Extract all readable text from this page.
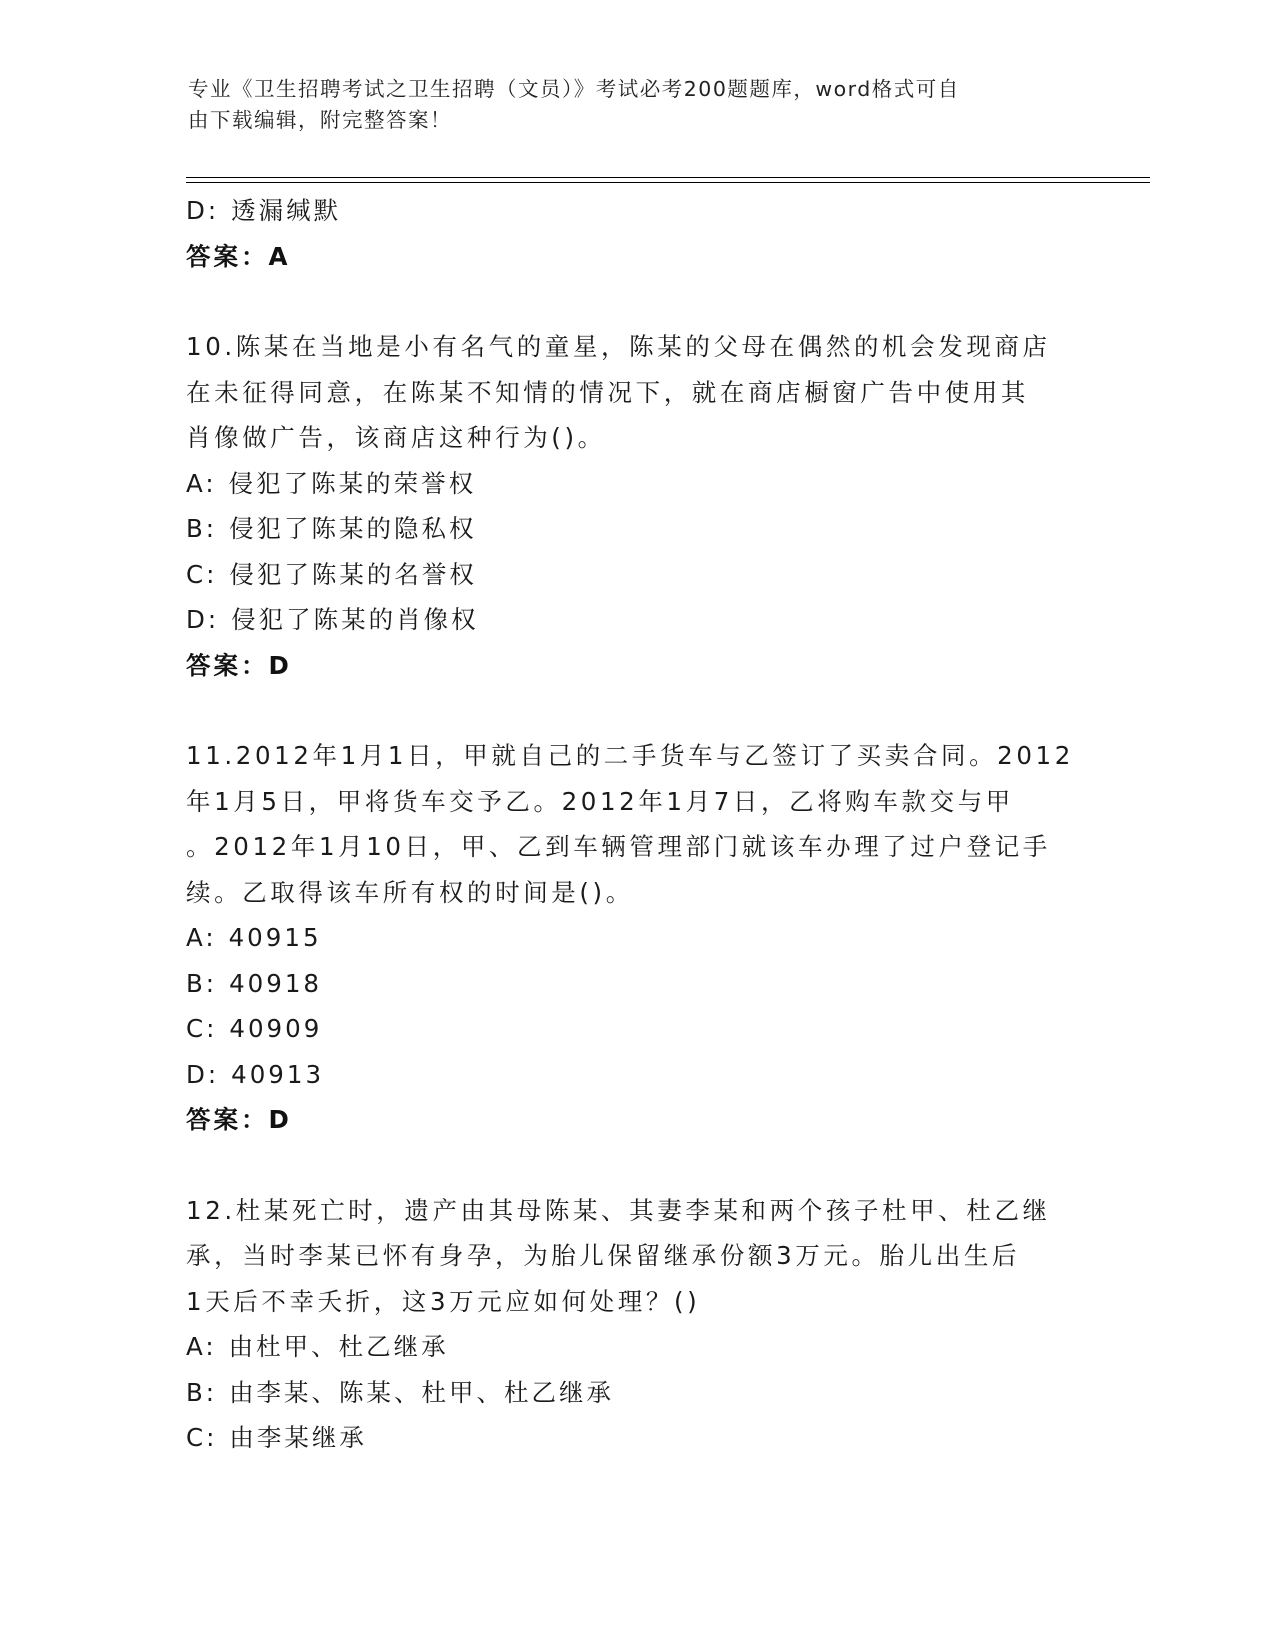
专业《卫生招聘考试之卫生招聘（文员）》考试必考200题题库，word格式可自
由下载编辑，附完整答案！
D: 透漏缄默
答案：A
10.陈某在当地是小有名气的童星，陈某的父母在偶然的机会发现商店
在未征得同意，在陈某不知情的情况下，就在商店橱窗广告中使用其
肖像做广告，该商店这种行为()。
A: 侵犯了陈某的荣誉权
B: 侵犯了陈某的隐私权
C: 侵犯了陈某的名誉权
D: 侵犯了陈某的肖像权
答案：D
11.2012年1月1日，甲就自己的二手货车与乙签订了买卖合同。2012
年1月5日，甲将货车交予乙。2012年1月7日，乙将购车款交与甲
。2012年1月10日，甲、乙到车辆管理部门就该车办理了过户登记手
续。乙取得该车所有权的时间是()。
A: 40915
B: 40918
C: 40909
D: 40913
答案：D
12.杜某死亡时，遗产由其母陈某、其妻李某和两个孩子杜甲、杜乙继
承，当时李某已怀有身孕，为胎儿保留继承份额3万元。胎儿出生后
1天后不幸夭折，这3万元应如何处理？()
A: 由杜甲、杜乙继承
B: 由李某、陈某、杜甲、杜乙继承
C: 由李某继承
